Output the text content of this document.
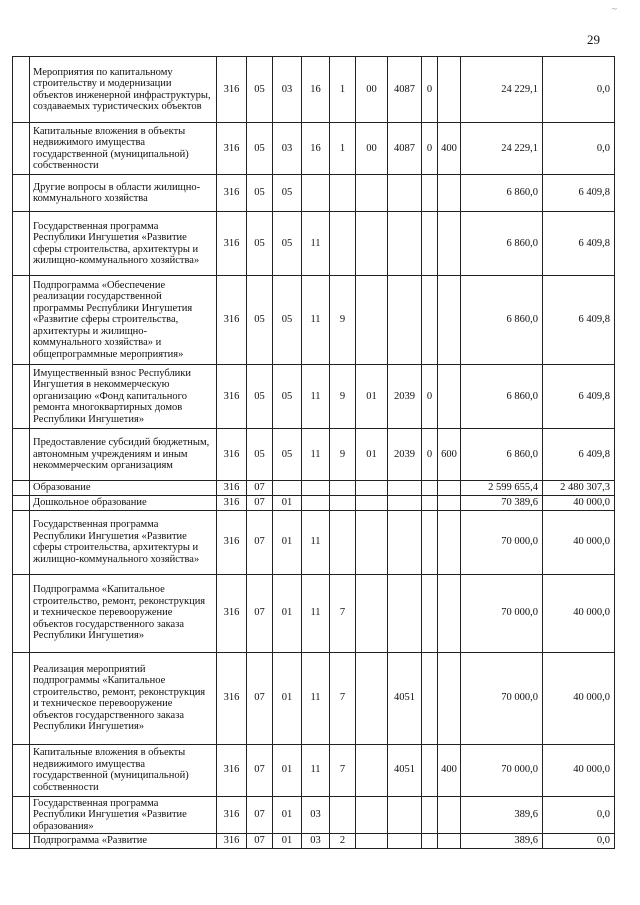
~
29
	Мероприятия по капитальному строительству и модернизации объектов инженерной инфраструктуры, создаваемых туристических объектов	316	05	03	16	1	00	4087	0		24 229,1	0,0
	Капитальные вложения в объекты недвижимого имущества государственной (муниципальной) собственности	316	05	03	16	1	00	4087	0	400	24 229,1	0,0
	Другие вопросы в области жилищно-коммунального хозяйства	316	05	05							6 860,0	6 409,8
	Государственная программа Республики Ингушетия «Развитие сферы строительства, архитектуры и жилищно-коммунального хозяйства»	316	05	05	11						6 860,0	6 409,8
	Подпрограмма «Обеспечение реализации государственной программы Республики Ингушетия «Развитие сферы строительства, архитектуры и жилищно-коммунального хозяйства» и общепрограммные мероприятия»	316	05	05	11	9					6 860,0	6 409,8
	Имущественный взнос Республики Ингушетия в некоммерческую организацию «Фонд капитального ремонта многоквартирных домов Республики Ингушетия»	316	05	05	11	9	01	2039	0		6 860,0	6 409,8
	Предоставление субсидий бюджетным, автономным учреждениям и иным некоммерческим организациям	316	05	05	11	9	01	2039	0	600	6 860,0	6 409,8
	Образование	316	07								2 599 655,4	2 480 307,3
	Дошкольное образование	316	07	01							70 389,6	40 000,0
	Государственная программа Республики Ингушетия «Развитие сферы строительства, архитектуры и жилищно-коммунального хозяйства»	316	07	01	11						70 000,0	40 000,0
	Подпрограмма «Капитальное строительство, ремонт, реконструкция и техническое перевооружение объектов государственного заказа Республики Ингушетия»	316	07	01	11	7					70 000,0	40 000,0
	Реализация мероприятий подпрограммы «Капитальное строительство, ремонт, реконструкция и техническое перевооружение объектов государственного заказа Республики Ингушетия»	316	07	01	11	7		4051			70 000,0	40 000,0
	Капитальные вложения в объекты недвижимого имущества государственной (муниципальной) собственности	316	07	01	11	7		4051		400	70 000,0	40 000,0
	Государственная программа Республики Ингушетия «Развитие образования»	316	07	01	03						389,6	0,0
	Подпрограмма «Развитие	316	07	01	03	2					389,6	0,0
